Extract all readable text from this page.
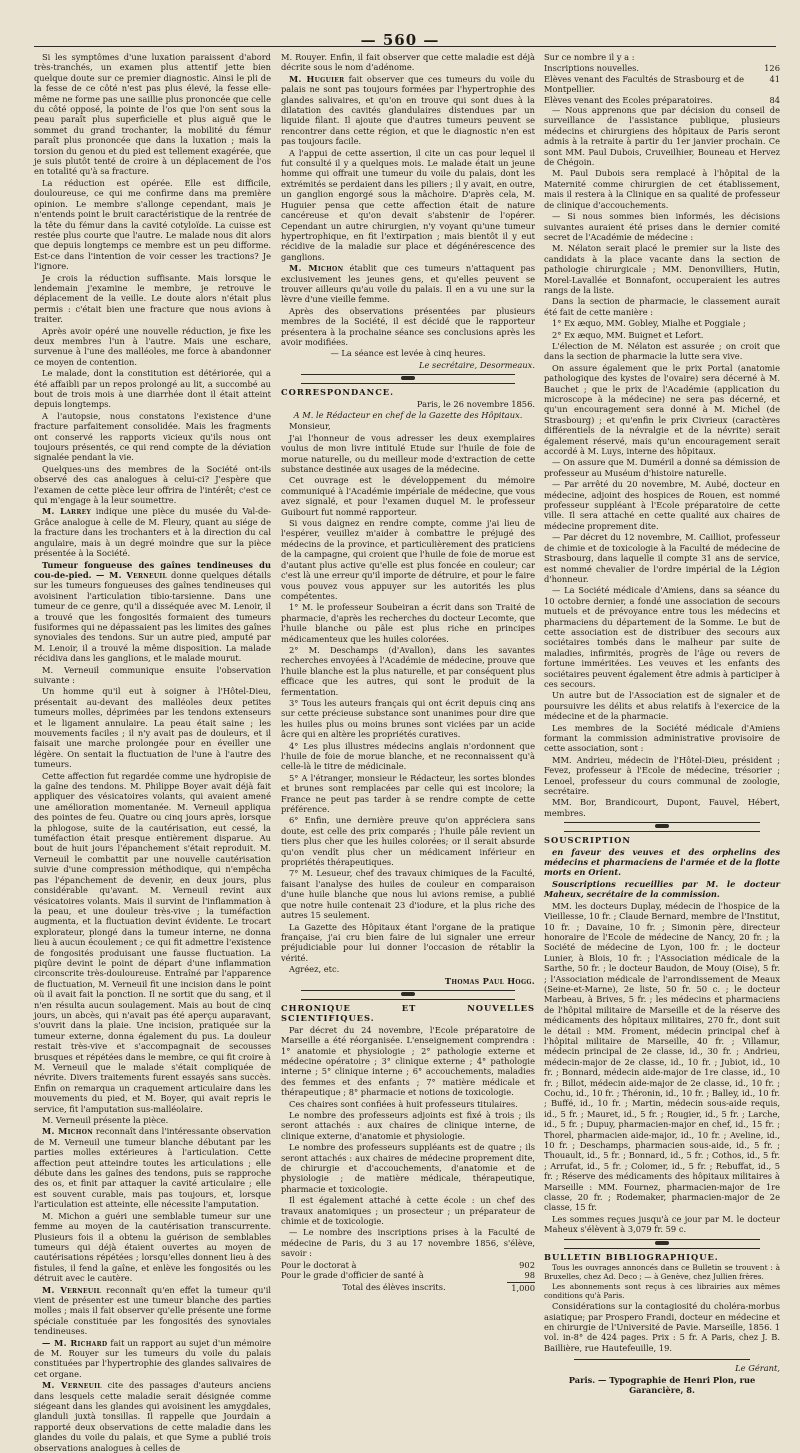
— 560 —

Si les symptômes d'une luxation paraissent d'abord très-tranchés, un examen plus attentif jette bien quelque doute sur ce premier diagnostic. Ainsi le pli de la fesse de ce côté n'est pas plus élevé, la fesse elle-même ne forme pas une saillie plus prononcée que celle du côté opposé, la pointe de l'os que l'on sent sous la peau paraît plus superficielle et plus aiguë que le sommet du grand trochanter, la mobilité du fémur paraît plus prononcée que dans la luxation ; mais la torsion du genou et du pied est tellement exagérée, que je suis plutôt tenté de croire à un déplacement de l'os en totalité qu'à sa fracture.

La réduction est opérée. Elle est difficile, douloureuse, ce qui me confirme dans ma première opinion. Le membre s'allonge cependant, mais je n'entends point le bruit caractéristique de la rentrée de la tête du fémur dans la cavité cotyloïde. La cuisse est restée plus courte que l'autre. Le malade nous dit alors que depuis longtemps ce membre est un peu difforme. Est-ce dans l'intention de voir cesser les tractions? Je l'ignore.

Je crois la réduction suffisante. Mais lorsque le lendemain j'examine le membre, je retrouve le déplacement de la veille. Le doute alors n'était plus permis : c'était bien une fracture que nous avions à traiter.

Après avoir opéré une nouvelle réduction, je fixe les deux membres l'un à l'autre. Mais une eschare, survenue à l'une des malléoles, me force à abandonner ce moyen de contention.

Le malade, dont la constitution est détériorée, qui a été affaibli par un repos prolongé au lit, a succombé au bout de trois mois à une diarrhée dont il était atteint depuis longtemps.

A l'autopsie, nous constatons l'existence d'une fracture parfaitement consolidée. Mais les fragments ont conservé les rapports vicieux qu'ils nous ont toujours présentés, ce qui rend compte de la déviation signalée pendant la vie.

Quelques-uns des membres de la Société ont-ils observé des cas analogues à celui-ci? J'espère que l'examen de cette pièce leur offrira de l'intérêt; c'est ce qui m'engage à la leur soumettre.

M. Larrey indique une pièce du musée du Val-de-Grâce analogue à celle de M. Fleury, quant au siége de la fracture dans les trochanters et à la direction du cal angulaire, mais à un degré moindre que sur la pièce présentée à la Société.

Tumeur fongueuse des gaînes tendineuses du cou-de-pied. — M. Verneuil donne quelques détails sur les tumeurs fongueuses des gaînes tendineuses qui avoisinent l'articulation tibio-tarsienne. Dans une tumeur de ce genre, qu'il a disséquée avec M. Lenoir, il a trouvé que les fongosités formaient des tumeurs fusiformes qui ne dépassaient pas les limites des gaînes synoviales des tendons. Sur un autre pied, amputé par M. Lenoir, il a trouvé la même disposition. La malade récidiva dans les ganglions, et le malade mourut.

M. Verneuil communique ensuite l'observation suivante :

Un homme qu'il eut à soigner à l'Hôtel-Dieu, présentait au-devant des malléoles deux petites tumeurs molles, déprimées par les tendons extenseurs et le ligament annulaire. La peau était saine ; les mouvements faciles ; il n'y avait pas de douleurs, et il faisait une marche prolongée pour en éveiller une légère. On sentait la fluctuation de l'une à l'autre des tumeurs.

Cette affection fut regardée comme une hydropisie de la gaîne des tendons. M. Philippe Boyer avait déjà fait appliquer des vésicatoires volants, qui avaient amené une amélioration momentanée. M. Verneuil appliqua des pointes de feu. Quatre ou cinq jours après, lorsque la phlogose, suite de la cautérisation, eut cessé, la tuméfaction était presque entièrement disparue. Au bout de huit jours l'épanchement s'était reproduit. M. Verneuil le combattit par une nouvelle cautérisation suivie d'une compression méthodique, qui n'empêcha pas l'épanchement de devenir, en deux jours, plus considérable qu'avant. M. Verneuil revint aux vésicatoires volants. Mais il survint de l'inflammation à la peau, et une douleur très-vive ; la tuméfaction augmenta, et la fluctuation devint évidente. Le trocart explorateur, plongé dans la tumeur interne, ne donna lieu à aucun écoulement ; ce qui fit admettre l'existence de fongosités produisant une fausse fluctuation. La piqûre devint le point de départ d'une inflammation circonscrite très-douloureuse. Entraîné par l'apparence de fluctuation, M. Verneuil fit une incision dans le point où il avait fait la ponction. Il ne sortit que du sang, et il n'en résulta aucun soulagement. Mais au bout de cinq jours, un abcès, qui n'avait pas été aperçu auparavant, s'ouvrit dans la plaie. Une incision, pratiquée sur la tumeur externe, donna également du pus. La douleur restait très-vive et s'accompagnait de secousses brusques et répétées dans le membre, ce qui fit croire à M. Verneuil que le malade s'était compliquée de névrite. Divers traitements furent essayés sans succès. Enfin on remarqua un craquement articulaire dans les mouvements du pied, et M. Boyer, qui avait repris le service, fit l'amputation sus-malléolaire.

M. Verneuil présente la pièce.

M. Michon reconnaît dans l'intéressante observation de M. Verneuil une tumeur blanche débutant par les parties molles extérieures à l'articulation. Cette affection peut atteindre toutes les articulations ; elle débute dans les gaînes des tendons, puis se rapproche des os, et finit par attaquer la cavité articulaire ; elle est souvent curable, mais pas toujours, et, lorsque l'articulation est atteinte, elle nécessite l'amputation.

M. Michon a guéri une semblable tumeur sur une femme au moyen de la cautérisation transcurrente. Plusieurs fois il a obtenu la guérison de semblables tumeurs qui déjà étaient ouvertes au moyen de cautérisations répétées ; lorsqu'elles donnent lieu à des fistules, il fend la gaîne, et enlève les fongosités ou les détruit avec le cautère.

M. Verneuil reconnaît qu'en effet la tumeur qu'il vient de présenter est une tumeur blanche des parties molles ; mais il fait observer qu'elle présente une forme spéciale constituée par les fongosités des synoviales tendineuses.

— M. Richard fait un rapport au sujet d'un mémoire de M. Rouyer sur les tumeurs du voile du palais constituées par l'hypertrophie des glandes salivaires de cet organe.

M. Verneuil cite des passages d'auteurs anciens dans lesquels cette maladie serait désignée comme siégeant dans les glandes qui avoisinent les amygdales, glanduli juxtà tonsillas. Il rappelle que Jourdain a rapporté deux observations de cette maladie dans les glandes du voile du palais, et que Syme a publié trois observations analogues à celles de

M. Rouyer. Enfin, il fait observer que cette maladie est déjà décrite sous le nom d'adénome.

M. Huguier fait observer que ces tumeurs du voile du palais ne sont pas toujours formées par l'hypertrophie des glandes salivaires, et qu'on en trouve qui sont dues à la dilatation des cavités glandulaires distendues par un liquide filant. Il ajoute que d'autres tumeurs peuvent se rencontrer dans cette région, et que le diagnostic n'en est pas toujours facile.

A l'appui de cette assertion, il cite un cas pour lequel il fut consulté il y a quelques mois. Le malade était un jeune homme qui offrait une tumeur du voile du palais, dont les extrémités se perdaient dans les piliers ; il y avait, en outre, un ganglion engorgé sous la mâchoire. D'après cela, M. Huguier pensa que cette affection était de nature cancéreuse et qu'on devait s'abstenir de l'opérer. Cependant un autre chirurgien, n'y voyant qu'une tumeur hypertrophique, en fit l'extirpation ; mais bientôt il y eut récidive de la maladie sur place et dégénérescence des ganglions.

M. Michon établit que ces tumeurs n'attaquent pas exclusivement les jeunes gens, et qu'elles peuvent se trouver ailleurs qu'au voile du palais. Il en a vu une sur la lèvre d'une vieille femme.

Après des observations présentées par plusieurs membres de la Société, il est décidé que le rapporteur présentera à la prochaine séance ses conclusions après les avoir modifiées.

— La séance est levée à cinq heures.

Le secrétaire, Desormeaux.

CORRESPONDANCE.

Paris, le 26 novembre 1856.

A M. le Rédacteur en chef de la Gazette des Hôpitaux.

Monsieur,

J'ai l'honneur de vous adresser les deux exemplaires voulus de mon livre intitulé Etude sur l'huile de foie de morue naturelle, ou du meilleur mode d'extraction de cette substance destinée aux usages de la médecine.

Cet ouvrage est le développement du mémoire communiqué à l'Académie impériale de médecine, que vous avez signalé, et pour l'examen duquel M. le professeur Guibourt fut nommé rapporteur.

Si vous daignez en rendre compte, comme j'ai lieu de l'espérer, veuillez m'aider à combattre le préjugé des médecins de la province, et particulièrement des praticiens de la campagne, qui croient que l'huile de foie de morue est d'autant plus active qu'elle est plus foncée en couleur; car c'est là une erreur qu'il importe de détruire, et pour le faire vous pouvez vous appuyer sur les autorités les plus compétentes.

1° M. le professeur Soubeiran a écrit dans son Traité de pharmacie, d'après les recherches du docteur Lecomte, que l'huile blanche ou pâle est plus riche en principes médicamenteux que les huiles colorées.

2° M. Deschamps (d'Avallon), dans les savantes recherches envoyées à l'Académie de médecine, prouve que l'huile blanche est la plus naturelle, et par conséquent plus efficace que les autres, qui sont le produit de la fermentation.

3° Tous les auteurs français qui ont écrit depuis cinq ans sur cette précieuse substance sont unanimes pour dire que les huiles plus ou moins brunes sont viciées par un acide âcre qui en altère les propriétés curatives.

4° Les plus illustres médecins anglais n'ordonnent que l'huile de foie de morue blanche, et ne reconnaissent qu'à celle-là le titre de médicinale.

5° A l'étranger, monsieur le Rédacteur, les sortes blondes et brunes sont remplacées par celle qui est incolore; la France ne peut pas tarder à se rendre compte de cette préférence.

6° Enfin, une dernière preuve qu'on appréciera sans doute, est celle des prix comparés ; l'huile pâle revient un tiers plus cher que les huiles colorées; or il serait absurde qu'on vendît plus cher un médicament inférieur en propriétés thérapeutiques.

7° M. Lesueur, chef des travaux chimiques de la Faculté, faisant l'analyse des huiles de couleur en comparaison d'une huile blanche que nous lui avions remise, a publié que notre huile contenait 23 d'iodure, et la plus riche des autres 15 seulement.

La Gazette des Hôpitaux étant l'organe de la pratique française, j'ai cru bien faire de lui signaler une erreur préjudiciable pour lui donner l'occasion de rétablir la vérité.

Agréez, etc.

Thomas Paul Hogg.

CHRONIQUE ET NOUVELLES SCIENTIFIQUES.

Par décret du 24 novembre, l'Ecole préparatoire de Marseille a été réorganisée. L'enseignement comprendra : 1° anatomie et physiologie ; 2° pathologie externe et médecine opératoire ; 3° clinique externe ; 4° pathologie interne ; 5° clinique interne ; 6° accouchements, maladies des femmes et des enfants ; 7° matière médicale et thérapeutique ; 8° pharmacie et notions de toxicologie.

Ces chaires sont confiées à huit professeurs titulaires.

Le nombre des professeurs adjoints est fixé à trois ; ils seront attachés : aux chaires de clinique interne, de clinique externe, d'anatomie et physiologie.

Le nombre des professeurs suppléants est de quatre ; ils seront attachés : aux chaires de médecine proprement dite, de chirurgie et d'accouchements, d'anatomie et de physiologie ; de matière médicale, thérapeutique, pharmacie et toxicologie.

Il est également attaché à cette école : un chef des travaux anatomiques ; un prosecteur ; un préparateur de chimie et de toxicologie.

— Le nombre des inscriptions prises à la Faculté de médecine de Paris, du 3 au 17 novembre 1856, s'élève, savoir :

Pour le doctorat à	902
Pour le grade d'officier de santé à	98
Total des élèves inscrits.	1,000

Sur ce nombre il y a :

Inscriptions nouvelles.	126
Elèves venant des Facultés de Strasbourg et de Montpellier.
41
Elèves venant des Ecoles préparatoires.	84

— Nous apprenons que par décision du conseil de surveillance de l'assistance publique, plusieurs médecins et chirurgiens des hôpitaux de Paris seront admis à la retraite à partir du 1er janvier prochain. Ce sont MM. Paul Dubois, Cruveilhier, Bouneau et Hervez de Chégoin.

M. Paul Dubois sera remplacé à l'hôpital de la Maternité comme chirurgien de cet établissement, mais il restera à la Clinique en sa qualité de professeur de clinique d'accouchements.

— Si nous sommes bien informés, les décisions suivantes auraient été prises dans le dernier comité secret de l'Académie de médecine :

M. Nélaton serait placé le premier sur la liste des candidats à la place vacante dans la section de pathologie chirurgicale ; MM. Denonvilliers, Hutin, Morel-Lavallée et Bonnafont, occuperaient les autres rangs de la liste.

Dans la section de pharmacie, le classement aurait été fait de cette manière :

1° Ex æquo, MM. Gobley, Mialhe et Poggiale ;

2° Ex æquo, MM. Buignet et Lefort.

L'élection de M. Nélaton est assurée ; on croit que dans la section de pharmacie la lutte sera vive.

On assure également que le prix Portal (anatomie pathologique des kystes de l'ovaire) sera décerné à M. Bauchet ; que le prix de l'Académie (application du microscope à la médecine) ne sera pas décerné, et qu'un encouragement sera donné à M. Michel (de Strasbourg) ; et qu'enfin le prix Civrieux (caractères différentiels de la névralgie et de la névrite) serait également réservé, mais qu'un encouragement serait accordé à M. Luys, interne des hôpitaux.

— On assure que M. Duméril a donné sa démission de professeur au Muséum d'histoire naturelle.

— Par arrêté du 20 novembre, M. Aubé, docteur en médecine, adjoint des hospices de Rouen, est nommé professeur suppléant à l'Ecole préparatoire de cette ville. Il sera attaché en cette qualité aux chaires de médecine proprement dite.

— Par décret du 12 novembre, M. Cailliot, professeur de chimie et de toxicologie à la Faculté de médecine de Strasbourg, dans laquelle il compte 31 ans de service, est nommé chevalier de l'ordre impérial de la Légion d'honneur.

— La Société médicale d'Amiens, dans sa séance du 10 octobre dernier, a fondé une association de secours mutuels et de prévoyance entre tous les médecins et pharmaciens du département de la Somme. Le but de cette association est de distribuer des secours aux sociétaires tombés dans le malheur par suite de maladies, infirmités, progrès de l'âge ou revers de fortune imméritées. Les veuves et les enfants des sociétaires peuvent également être admis à participer à ces secours.

Un autre but de l'Association est de signaler et de poursuivre les délits et abus relatifs à l'exercice de la médecine et de la pharmacie.

Les membres de la Société médicale d'Amiens formant la commission administrative provisoire de cette association, sont :

MM. Andrieu, médecin de l'Hôtel-Dieu, président ; Fevez, professeur à l'Ecole de médecine, trésorier ; Lenoel, professeur du cours communal de zoologie, secrétaire.

MM. Bor, Brandicourt, Dupont, Fauvel, Hébert, membres.

SOUSCRIPTION

en faveur des veuves et des orphelins des médecins et pharmaciens de l'armée et de la flotte morts en Orient.

Souscriptions recueillies par M. le docteur Maheux, secrétaire de la commission.

MM. les docteurs Duplay, médecin de l'hospice de la Vieillesse, 10 fr. ; Claude Bernard, membre de l'Institut, 10 fr. ; Davaine, 10 fr. ; Simonin père, directeur honoraire de l'Ecole de médecine de Nancy, 20 fr. ; la Société de médecine de Lyon, 100 fr. ; le docteur Lunier, à Blois, 10 fr. ; l'Association médicale de la Sarthe, 50 fr. ; le docteur Baudon, de Mouy (Oise), 5 fr. ; l'Association médicale de l'arrondissement de Meaux (Seine-et-Marne), 2e liste, 50 fr. 50 c. ; le docteur Marbeau, à Brives, 5 fr. ; les médecins et pharmaciens de l'hôpital militaire de Marseille et de la réserve des médicaments des hôpitaux militaires, 270 fr., dont suit le détail : MM. Froment, médecin principal chef à l'hôpital militaire de Marseille, 40 fr. ; Villamur, médecin principal de 2e classe, id., 30 fr. ; Andrieu, médecin-major de 2e classe, id., 10 fr. ; Jubiot, id., 10 fr. ; Bonnard, médecin aide-major de 1re classe, id., 10 fr. ; Billot, médecin aide-major de 2e classe, id., 10 fr. ; Cochu, id., 10 fr. ; Théronin, id., 10 fr. ; Balley, id., 10 fr. ; Buffé, id., 10 fr. ; Martin, médecin sous-aide requis, id., 5 fr. ; Mauret, id., 5 fr. ; Rougier, id., 5 fr. ; Larche, id., 5 fr. ; Dupuy, pharmacien-major en chef, id., 15 fr. ; Thorel, pharmacien aide-major, id., 10 fr. ; Aveline, id., 10 fr. ; Deschamps, pharmacien sous-aide, id., 5 fr. ; Thouault, id., 5 fr. ; Bonnard, id., 5 fr. ; Cothos, id., 5 fr. ; Arrufat, id., 5 fr. ; Colomer, id., 5 fr. ; Rebuffat, id., 5 fr. ; Réserve des médicaments des hôpitaux militaires à Marseille : MM. Fournez, pharmacien-major de 1re classe, 20 fr. ; Rodemaker, pharmacien-major de 2e classe, 15 fr.

Les sommes reçues jusqu'à ce jour par M. le docteur Maheux s'élèvent à 3,079 fr. 59 c.

BULLETIN BIBLIOGRAPHIQUE.

Tous les ouvrages annoncés dans ce Bulletin se trouvent : à Bruxelles, chez Ad. Deco ; — à Genève, chez Jullien frères.

Les abonnements sont reçus à ces librairies aux mêmes conditions qu'à Paris.

Considérations sur la contagiosité du choléra-morbus asiatique; par Prospero Frandi, docteur en médecine et en chirurgie de l'Université de Pavie. Marseille, 1856. 1 vol. in-8° de 424 pages. Prix : 5 fr. A Paris, chez J. B. Baillière, rue Hautefeuille, 19.

Le Gérant,

Paris. — Typographie de Henri Plon, rue Garancière, 8.
